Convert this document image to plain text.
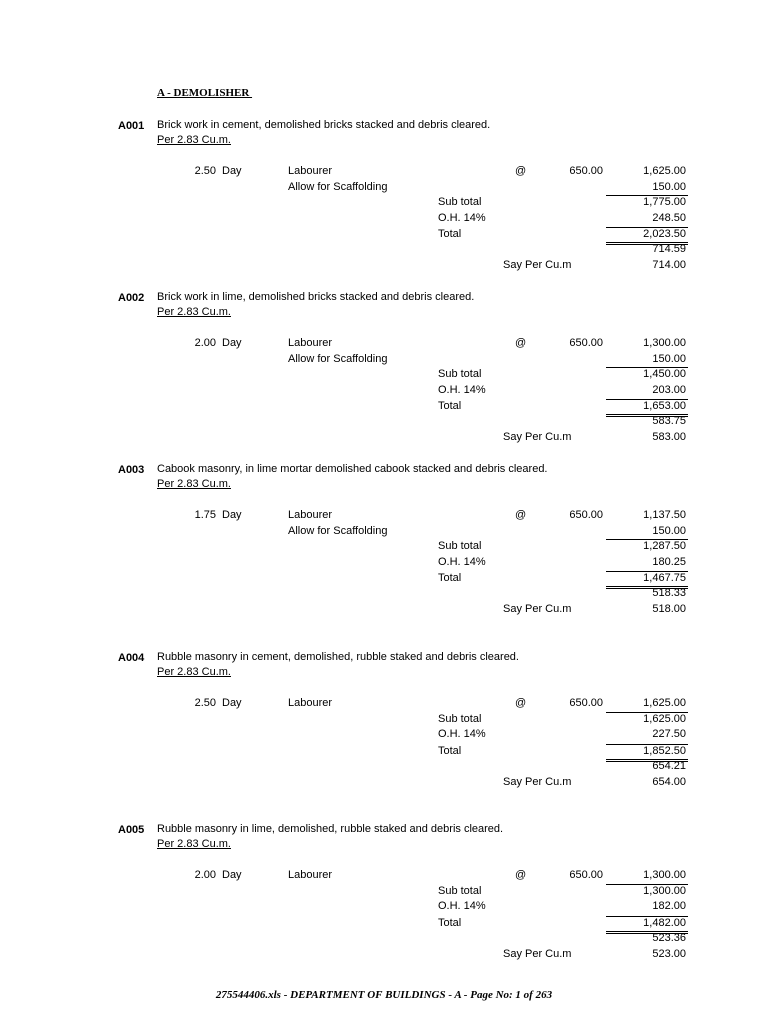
A - DEMOLISHER
A001 Brick work in cement, demolished bricks stacked and debris cleared.
Per 2.83 Cu.m.
2.50 Day	Labourer	@	650.00	1,625.00
Allow for Scaffolding	150.00
Sub total	1,775.00
O.H. 14%	248.50
Total	2,023.50
714.59
Say Per Cu.m	714.00
A002 Brick work in lime, demolished bricks stacked and debris cleared.
Per 2.83 Cu.m.
2.00 Day	Labourer	@	650.00	1,300.00
Allow for Scaffolding	150.00
Sub total	1,450.00
O.H. 14%	203.00
Total	1,653.00
583.75
Say Per Cu.m	583.00
A003 Cabook masonry, in lime mortar demolished cabook stacked and debris cleared.
Per 2.83 Cu.m.
1.75 Day	Labourer	@	650.00	1,137.50
Allow for Scaffolding	150.00
Sub total	1,287.50
O.H. 14%	180.25
Total	1,467.75
518.33
Say Per Cu.m	518.00
A004 Rubble masonry in cement, demolished, rubble staked and debris cleared.
Per 2.83 Cu.m.
2.50 Day	Labourer	@	650.00	1,625.00
Sub total	1,625.00
O.H. 14%	227.50
Total	1,852.50
654.21
Say Per Cu.m	654.00
A005 Rubble masonry in lime, demolished, rubble staked and debris cleared.
Per 2.83 Cu.m.
2.00 Day	Labourer	@	650.00	1,300.00
Sub total	1,300.00
O.H. 14%	182.00
Total	1,482.00
523.36
Say Per Cu.m	523.00
275544406.xls - DEPARTMENT OF BUILDINGS - A - Page No: 1 of 263
